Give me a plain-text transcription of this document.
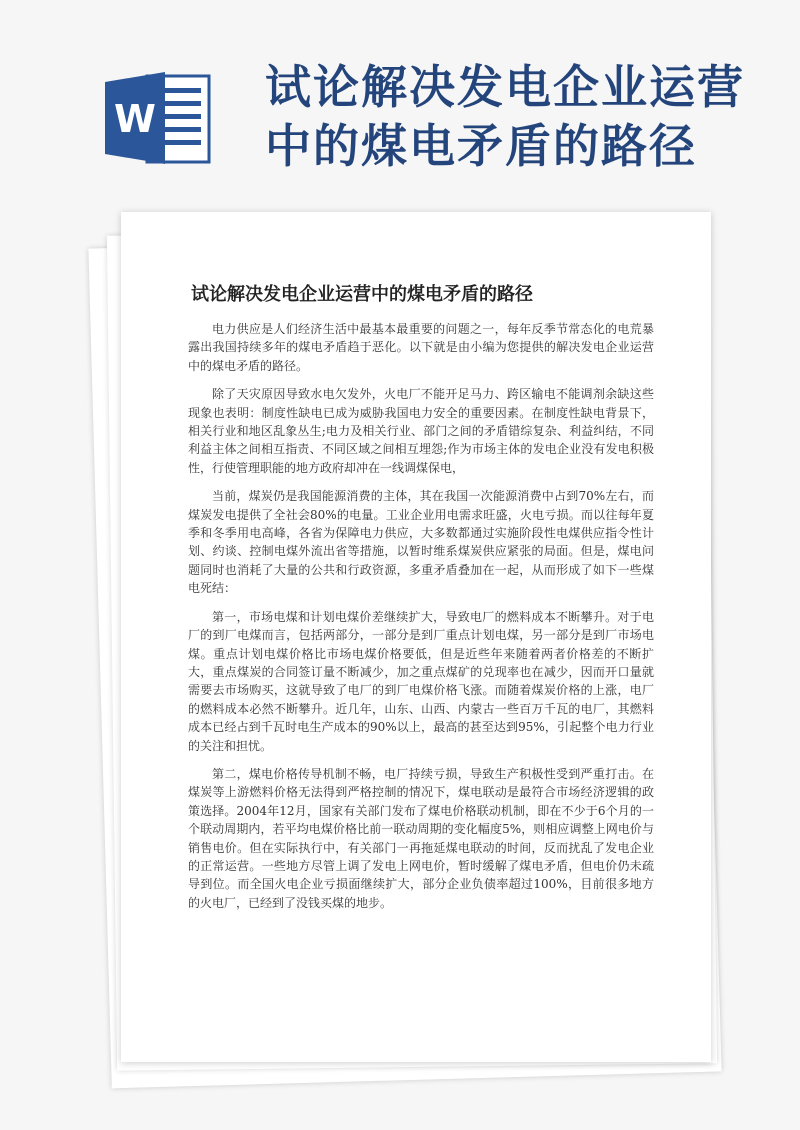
W
试论解决发电企业运营
中的煤电矛盾的路径
试论解决发电企业运营中的煤电矛盾的路径

电力供应是人们经济生活中最基本最重要的问题之一，每年反季节常态化的电荒暴露出我国持续多年的煤电矛盾趋于恶化。以下就是由小编为您提供的解决发电企业运营中的煤电矛盾的路径。

除了天灾原因导致水电欠发外，火电厂不能开足马力、跨区输电不能调剂余缺这些现象也表明：制度性缺电已成为威胁我国电力安全的重要因素。在制度性缺电背景下，相关行业和地区乱象丛生;电力及相关行业、部门之间的矛盾错综复杂、利益纠结，不同利益主体之间相互指责、不同区域之间相互埋怨;作为市场主体的发电企业没有发电积极性，行使管理职能的地方政府却冲在一线调煤保电，

当前，煤炭仍是我国能源消费的主体，其在我国一次能源消费中占到70%左右，而煤炭发电提供了全社会80%的电量。工业企业用电需求旺盛，火电亏损。而以往每年夏季和冬季用电高峰，各省为保障电力供应，大多数都通过实施阶段性电煤供应指令性计划、约谈、控制电煤外流出省等措施，以暂时维系煤炭供应紧张的局面。但是，煤电问题同时也消耗了大量的公共和行政资源，多重矛盾叠加在一起，从而形成了如下一些煤电死结：

第一，市场电煤和计划电煤价差继续扩大，导致电厂的燃料成本不断攀升。对于电厂的到厂电煤而言，包括两部分，一部分是到厂重点计划电煤，另一部分是到厂市场电煤。重点计划电煤价格比市场电煤价格要低，但是近些年来随着两者价格差的不断扩大，重点煤炭的合同签订量不断减少，加之重点煤矿的兑现率也在减少，因而开口量就需要去市场购买，这就导致了电厂的到厂电煤价格飞涨。而随着煤炭价格的上涨，电厂的燃料成本必然不断攀升。近几年，山东、山西、内蒙古一些百万千瓦的电厂，其燃料成本已经占到千瓦时电生产成本的90%以上，最高的甚至达到95%，引起整个电力行业的关注和担忧。

第二，煤电价格传导机制不畅，电厂持续亏损，导致生产积极性受到严重打击。在煤炭等上游燃料价格无法得到严格控制的情况下，煤电联动是最符合市场经济逻辑的政策选择。2004年12月，国家有关部门发布了煤电价格联动机制，即在不少于6个月的一个联动周期内，若平均电煤价格比前一联动周期的变化幅度5%，则相应调整上网电价与销售电价。但在实际执行中，有关部门一再拖延煤电联动的时间，反而扰乱了发电企业的正常运营。一些地方尽管上调了发电上网电价，暂时缓解了煤电矛盾，但电价仍未疏导到位。而全国火电企业亏损面继续扩大，部分企业负债率超过100%，目前很多地方的火电厂，已经到了没钱买煤的地步。
